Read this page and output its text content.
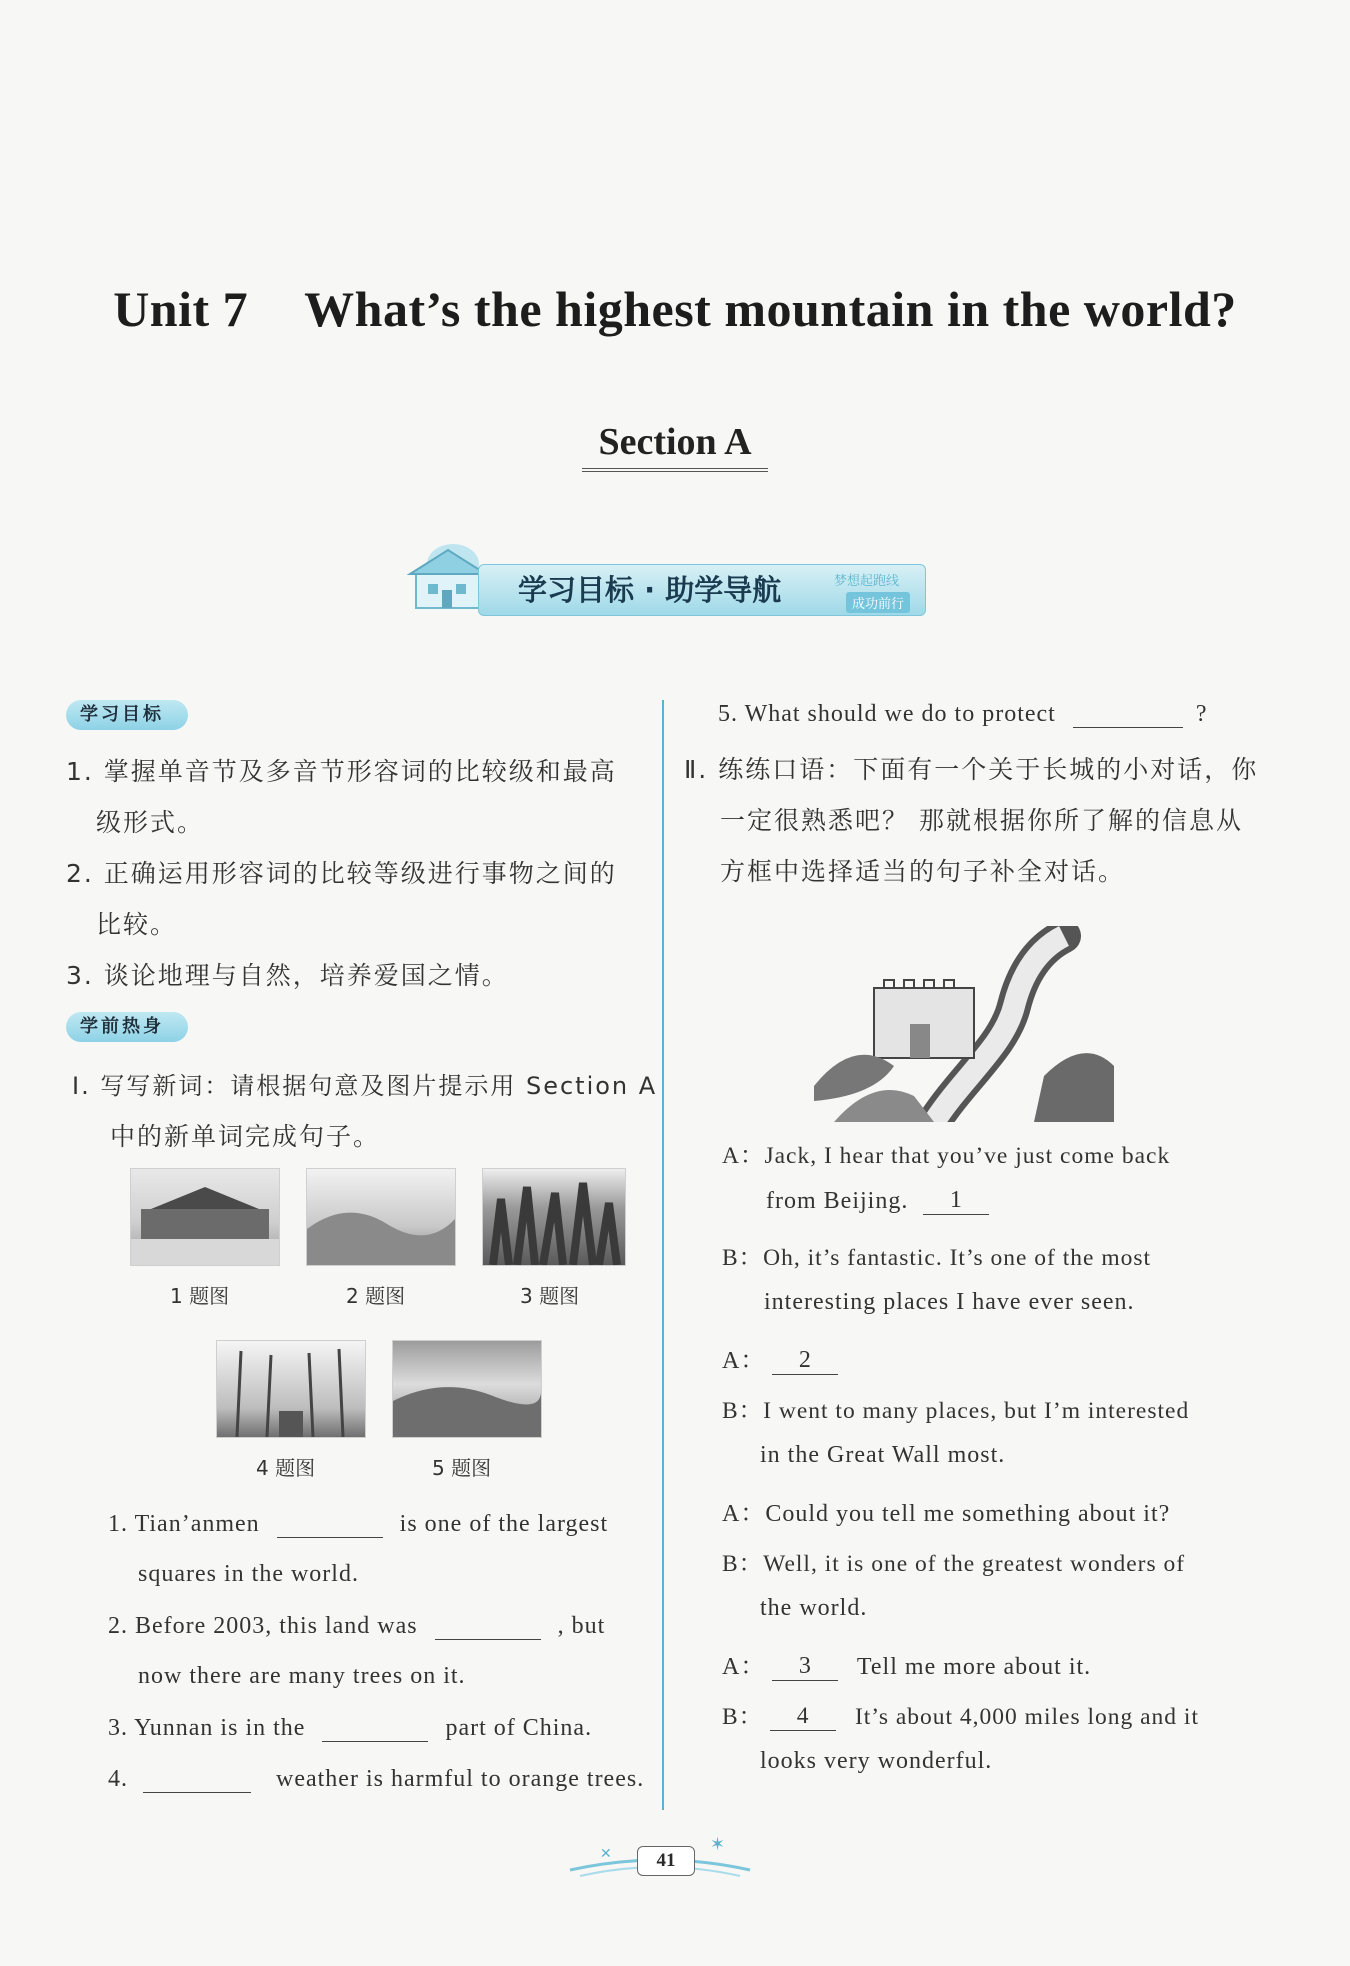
Unit 7 What’s the highest mountain in the world?
Section A
学习目标 · 助学导航	梦想起跑线
成功前行
学习目标
1. 掌握单音节及多音节形容词的比较级和最高
级形式。
2. 正确运用形容词的比较等级进行事物之间的
比较。
3. 谈论地理与自然，培养爱国之情。
学前热身
Ⅰ. 写写新词：请根据句意及图片提示用 Section A
中的新单词完成句子。
1 题图	2 题图	3 题图
4 题图	5 题图
1. Tian’anmen	is one of the largest
squares in the world.
2. Before 2003, this land was	, but
now there are many trees on it.
3. Yunnan is in the	part of China.
4.	weather is harmful to orange trees.
5. What should we do to protect	?
Ⅱ. 练练口语：下面有一个关于长城的小对话，你
一定很熟悉吧？ 那就根据你所了解的信息从
方框中选择适当的句子补全对话。
A：Jack, I hear that you’ve just come back
from Beijing. 1
B：Oh, it’s fantastic. It’s one of the most
interesting places I have ever seen.
A： 2
B：I went to many places, but I’m interested
in the Great Wall most.
A：Could you tell me something about it?
B：Well, it is one of the greatest wonders of
the world.
A： 3 Tell me more about it.
B： 4 It’s about 4,000 miles long and it
looks very wonderful.
✶
✕	41
